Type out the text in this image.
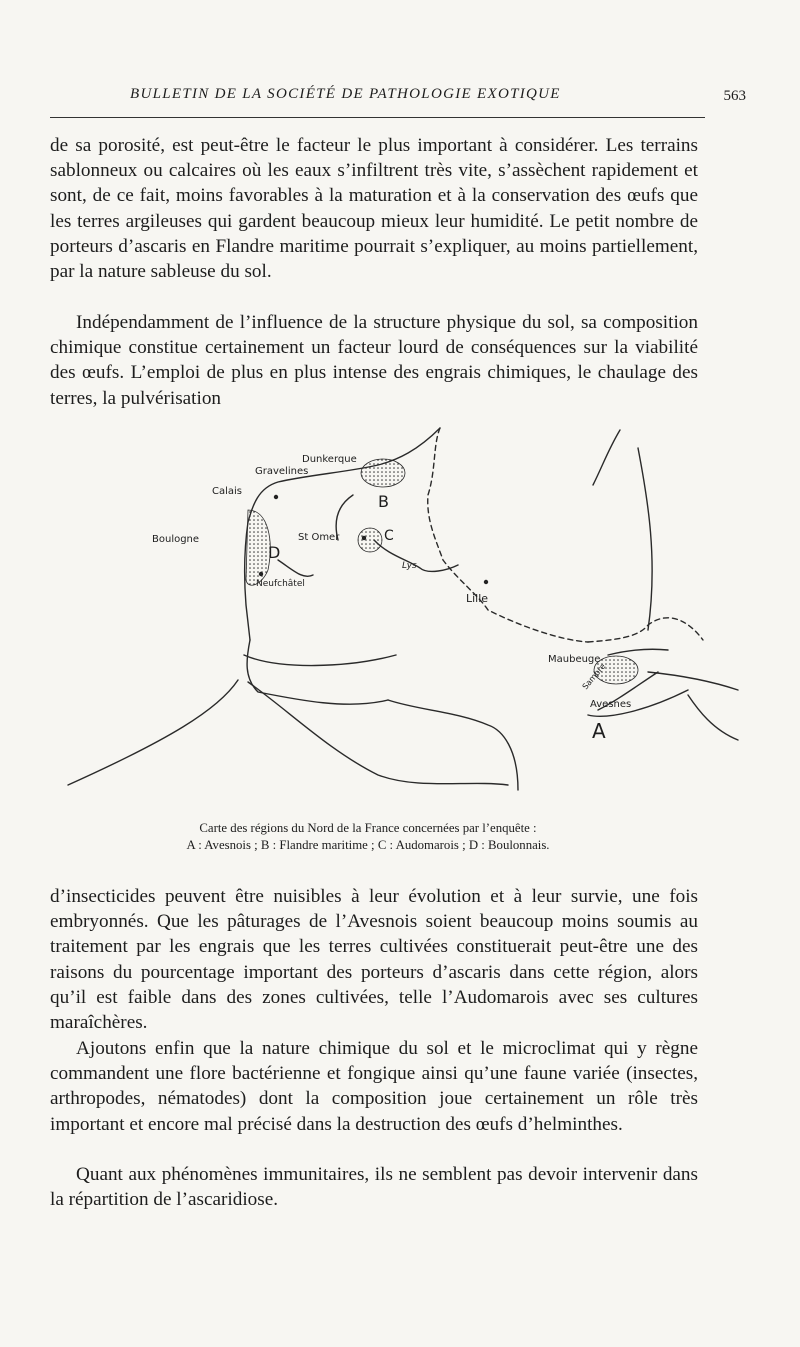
BULLETIN DE LA SOCIÉTÉ DE PATHOLOGIE EXOTIQUE	563

de sa porosité, est peut-être le facteur le plus important à considérer. Les terrains sablonneux ou calcaires où les eaux s’infiltrent très vite, s’assèchent rapidement et sont, de ce fait, moins favorables à la maturation et à la conservation des œufs que les terres argileuses qui gardent beaucoup mieux leur humidité. Le petit nombre de porteurs d’ascaris en Flandre maritime pourrait s’expliquer, au moins partiellement, par la nature sableuse du sol.

Indépendamment de l’influence de la structure physique du sol, sa composition chimique constitue certainement un facteur lourd de conséquences sur la viabilité des œufs. L’emploi de plus en plus intense des engrais chimiques, le chaulage des terres, la pulvérisation

Dunkerque
Gravelines
Calais
Boulogne	St Omer
Neufchâtel
Lys
Lille
Maubeuge
Sambre
Avesnes
B
C
D
A
Carte des régions du Nord de la France concernées par l’enquête :
A : Avesnois ; B : Flandre maritime ; C : Audomarois ; D : Boulonnais.

d’insecticides peuvent être nuisibles à leur évolution et à leur survie, une fois embryonnés. Que les pâturages de l’Avesnois soient beaucoup moins soumis au traitement par les engrais que les terres cultivées constituerait peut-être une des raisons du pourcentage important des porteurs d’ascaris dans cette région, alors qu’il est faible dans des zones cultivées, telle l’Audomarois avec ses cultures maraîchères.

Ajoutons enfin que la nature chimique du sol et le microclimat qui y règne commandent une flore bactérienne et fongique ainsi qu’une faune variée (insectes, arthropodes, nématodes) dont la composition joue certainement un rôle très important et encore mal précisé dans la destruction des œufs d’helminthes.

Quant aux phénomènes immunitaires, ils ne semblent pas devoir intervenir dans la répartition de l’ascaridiose.
